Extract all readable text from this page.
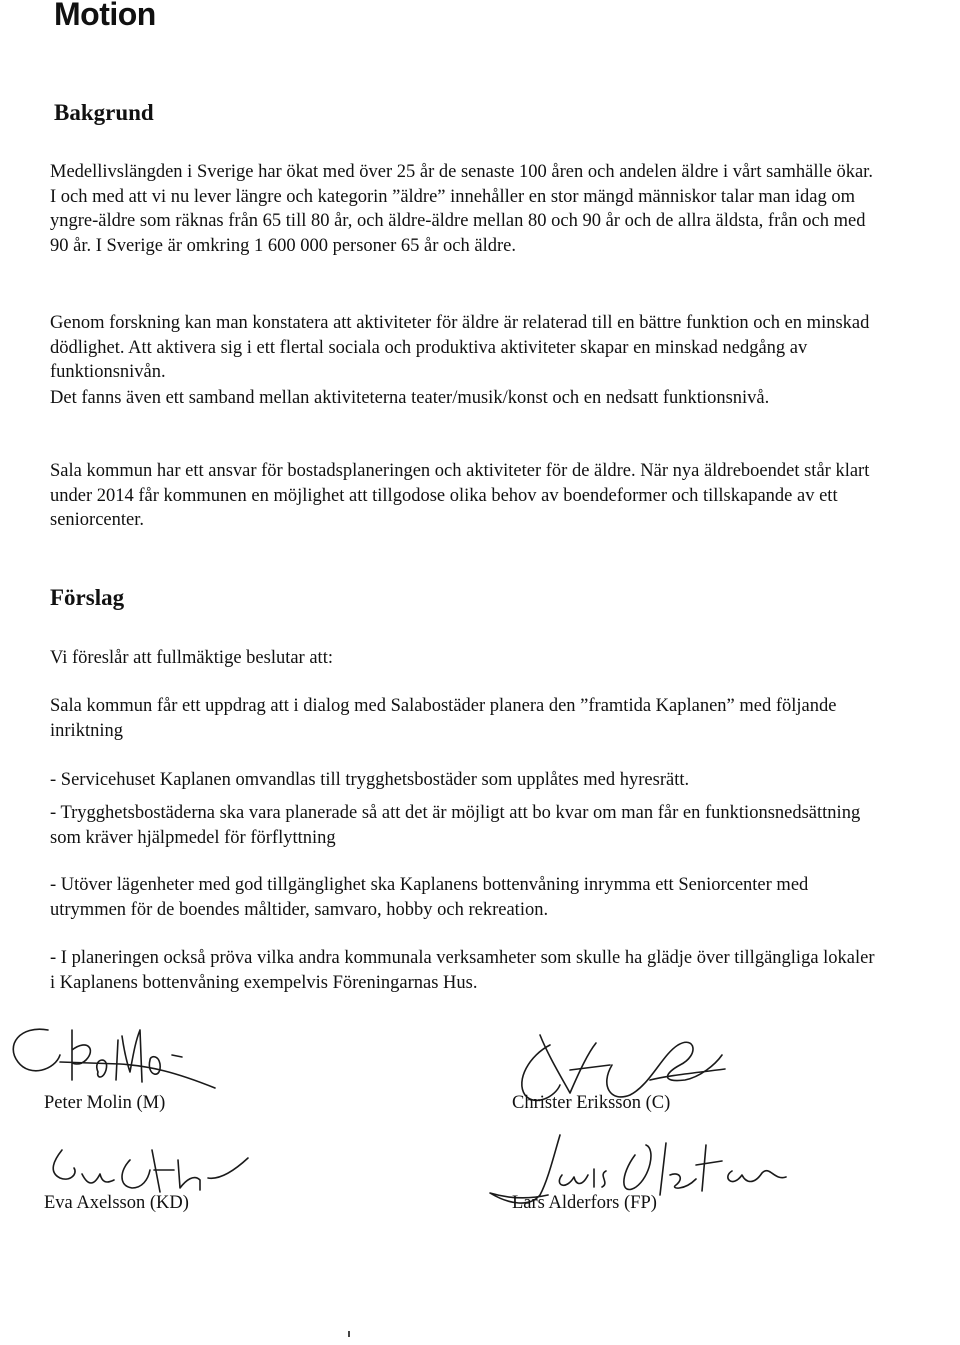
Motion
Bakgrund

Medellivslängden i Sverige har ökat med över 25 år de senaste 100 åren och andelen äldre i vårt samhälle ökar. I och med att vi nu lever längre och kategorin ”äldre” innehåller en stor mängd människor talar man idag om yngre-äldre som räknas från 65 till 80 år, och äldre-äldre mellan 80 och 90 år och de allra äldsta, från och med 90 år. I Sverige är omkring 1 600 000 personer 65 år och äldre.

Genom forskning kan man konstatera att aktiviteter för äldre är relaterad till en bättre funktion och en minskad dödlighet. Att aktivera sig i ett flertal sociala och produktiva aktiviteter skapar en minskad nedgång av funktionsnivån.

Det fanns även ett samband mellan aktiviteterna teater/musik/konst och en nedsatt funktionsnivå.

Sala kommun har ett ansvar för bostadsplaneringen och aktiviteter för de äldre. När nya äldreboendet står klart under 2014 får kommunen en möjlighet att tillgodose olika behov av boendeformer och tillskapande av ett seniorcenter.

Förslag

Vi föreslår att fullmäktige beslutar att:

Sala kommun får ett uppdrag att i dialog med Salabostäder planera den ”framtida Kaplanen” med följande inriktning

- Servicehuset Kaplanen omvandlas till trygghetsbostäder som upplåtes med hyresrätt.

- Trygghetsbostäderna ska vara planerade så att det är möjligt att bo kvar om man får en funktionsnedsättning som kräver hjälpmedel för förflyttning

- Utöver lägenheter med god tillgänglighet ska Kaplanens bottenvåning inrymma ett Seniorcenter med utrymmen för de boendes måltider, samvaro, hobby och rekreation.

- I planeringen också pröva vilka andra kommunala verksamheter som skulle ha glädje över tillgängliga lokaler i Kaplanens bottenvåning exempelvis Föreningarnas Hus.

Peter Molin (M)	Christer Eriksson (C)

Eva Axelsson (KD)	Lars Alderfors (FP)
